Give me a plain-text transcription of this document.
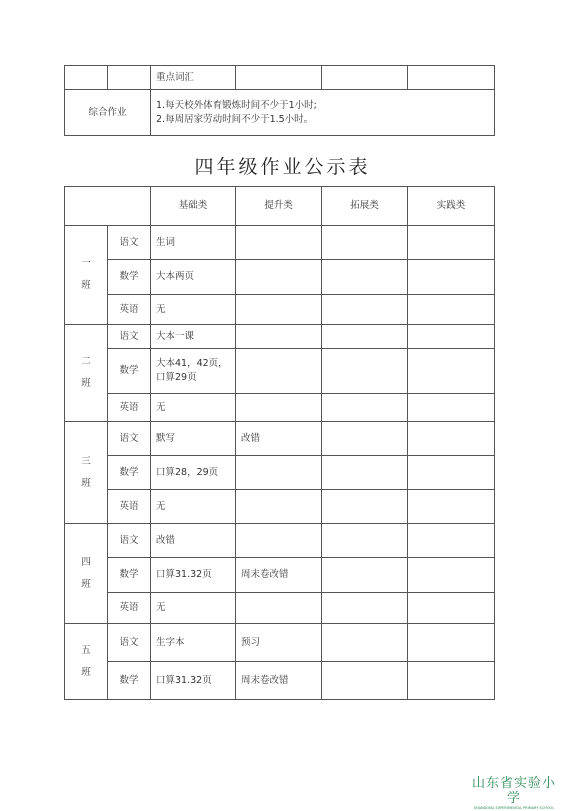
		重点词汇			
综合作业		1.每天校外体育锻炼时间不少于1小时;
2.每周居家劳动时间不少于1.5小时。			
四年级作业公示表
		基础类	提升类	拓展类	实践类
一班	语文	生词			
	数学	大本两页			
	英语	无			
二班	语文	大本一课			
	数学	大本41，42页，口算29页			
	英语	无			
三班	语文	默写	改错		
	数学	口算28，29页			
	英语	无			
四班	语文	改错			
	数学	口算31.32页	周末卷改错		
	英语	无			
五班	语文	生字本	预习		
	数学	口算31.32页	周末卷改错		
山东省实验小学
SHANDONG EXPERIMENTAL PRIMARY SCHOOL
